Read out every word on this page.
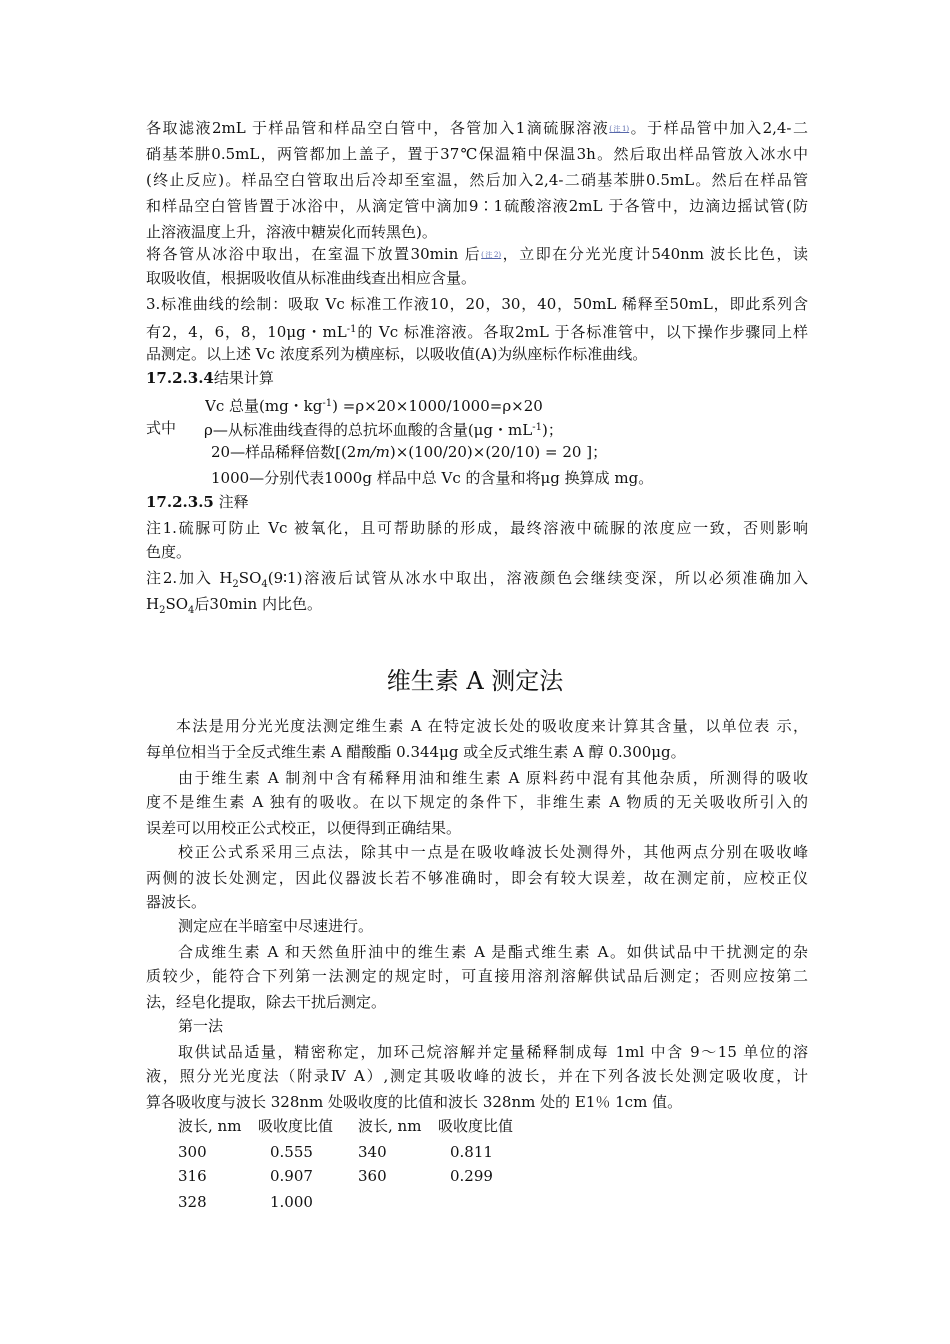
各取滤液2mL 于样品管和样品空白管中，各管加入1滴硫脲溶液(注1)。于样品管中加入2,4-二
硝基苯肼0.5mL，两管都加上盖子，置于37℃保温箱中保温3h。然后取出样品管放入冰水中
(终止反应)。样品空白管取出后冷却至室温，然后加入2,4-二硝基苯肼0.5mL。然后在样品管
和样品空白管皆置于冰浴中，从滴定管中滴加9∶1硫酸溶液2mL 于各管中，边滴边摇试管(防
止溶液温度上升，溶液中糖炭化而转黑色)。
将各管从冰浴中取出，在室温下放置30min 后(注2)，立即在分光光度计540nm 波长比色，读
取吸收值，根据吸收值从标准曲线查出相应含量。
3.标准曲线的绘制：吸取 Vc 标准工作液10，20，30，40，50mL 稀释至50mL，即此系列含
有2，4，6，8，10μg・$mL^{-1}$的 Vc 标准溶液。各取2mL 于各标准管中，以下操作步骤同上样
品测定。以上述 Vc 浓度系列为横座标，以吸收值(A)为纵座标作标准曲线。
17.2.3.4结果计算
Vc 总量(mg・$kg^{-1}) =\rho\times 20\times 1000/1000=\rho\times 20$
式中	ρ—从标准曲线查得的总抗坏血酸的含量(μg・$mL^{-1}$)；
20—样品稀释倍数[(2m/m)×(100/20)×(20/10) = 20 ]；
1000—分别代表1000g 样品中总 Vc 的含量和将μg 换算成 mg。
17.2.3.5 注释
注1.硫脲可防止 Vc 被氧化，且可帮助脎的形成，最终溶液中硫脲的浓度应一致，否则影响
色度。
注2.加入 $H_2SO_4(9∶1)$溶液后试管从冰水中取出，溶液颜色会继续变深，所以必须准确加入
$H_2SO_4$后30min 内比色。
维生素 A 测定法
本法是用分光光度法测定维生素 A 在特定波长处的吸收度来计算其含量，以单位表 示，
每单位相当于全反式维生素 A 醋酸酯 0.344μg 或全反式维生素 A 醇 0.300μg。
由于维生素 A 制剂中含有稀释用油和维生素 A 原料药中混有其他杂质，所测得的吸收
度不是维生素 A 独有的吸收。在以下规定的条件下，非维生素 A 物质的无关吸收所引入的
误差可以用校正公式校正，以便得到正确结果。
校正公式系采用三点法，除其中一点是在吸收峰波长处测得外，其他两点分别在吸收峰
两侧的波长处测定，因此仪器波长若不够准确时，即会有较大误差，故在测定前，应校正仪
器波长。
测定应在半暗室中尽速进行。
合成维生素 A 和天然鱼肝油中的维生素 A 是酯式维生素 A。如供试品中干扰测定的杂
质较少，能符合下列第一法测定的规定时，可直接用溶剂溶解供试品后测定；否则应按第二
法，经皂化提取，除去干扰后测定。
第一法
取供试品适量，精密称定，加环己烷溶解并定量稀释制成每 1ml 中含 9～15 单位的溶
液，照分光光度法（附录Ⅳ A）,测定其吸收峰的波长，并在下列各波长处测定吸收度，计
算各吸收度与波长 328nm 处吸收度的比值和波长 328nm 处的 E1％ 1cm 值。
波长, nm 吸收度比值 波长, nm 吸收度比值
300	0.555	340	0.811
316	0.907	360	0.299
328	1.000
